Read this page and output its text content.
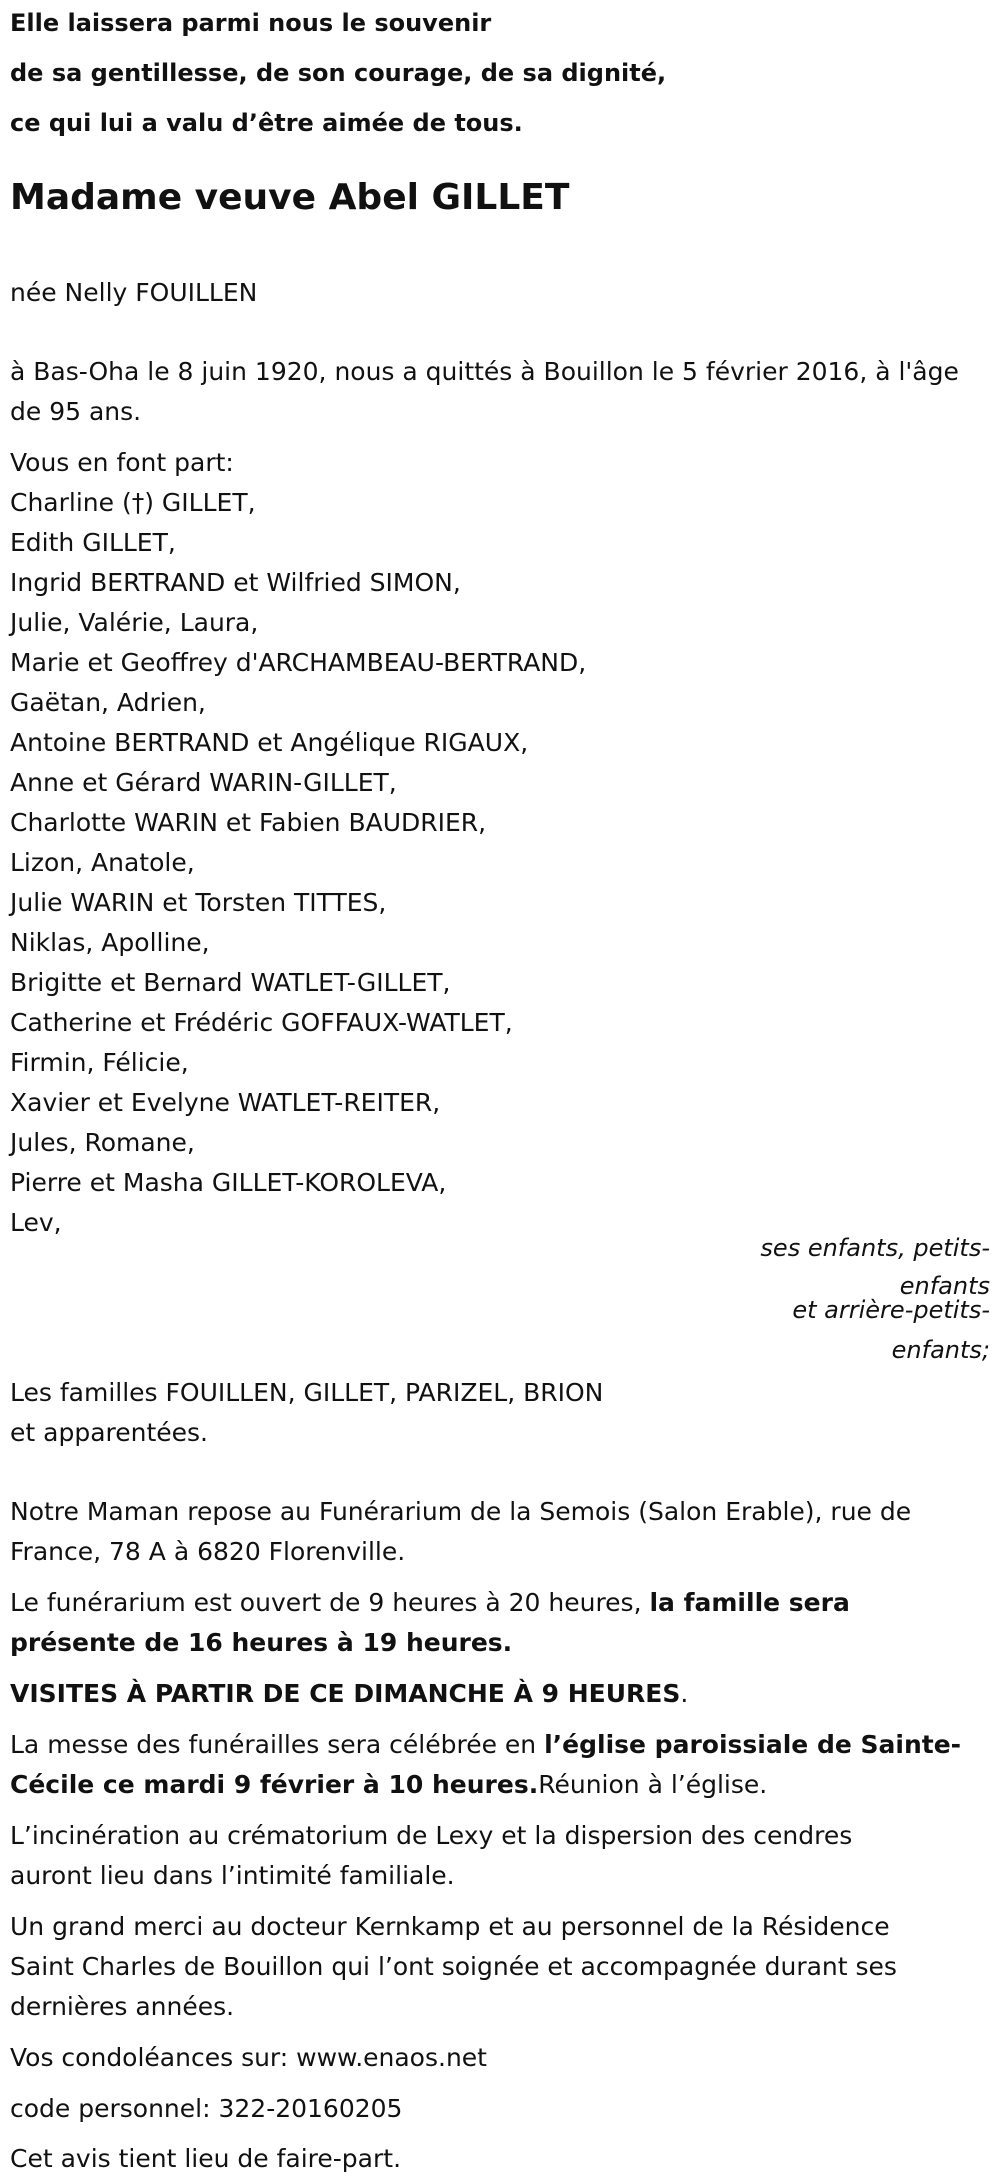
Elle laissera parmi nous le souvenir
de sa gentillesse, de son courage, de sa dignité,
ce qui lui a valu d’être aimée de tous.
Madame veuve Abel GILLET
née Nelly FOUILLEN
à Bas-Oha le 8 juin 1920, nous a quittés à Bouillon le 5 février 2016, à l'âge
de 95 ans.
Vous en font part:
Charline (†) GILLET,
Edith GILLET,
Ingrid BERTRAND et Wilfried SIMON,
Julie, Valérie, Laura,
Marie et Geoffrey d'ARCHAMBEAU-BERTRAND,
Gaëtan, Adrien,
Antoine BERTRAND et Angélique RIGAUX,
Anne et Gérard WARIN-GILLET,
Charlotte WARIN et Fabien BAUDRIER,
Lizon, Anatole,
Julie WARIN et Torsten TITTES,
Niklas, Apolline,
Brigitte et Bernard WATLET-GILLET,
Catherine et Frédéric GOFFAUX-WATLET,
Firmin, Félicie,
Xavier et Evelyne WATLET-REITER,
Jules, Romane,
Pierre et Masha GILLET-KOROLEVA,
Lev,
ses enfants, petits-
enfants
et arrière-petits-
enfants;
Les familles FOUILLEN, GILLET, PARIZEL, BRION
et apparentées.
Notre Maman repose au Funérarium de la Semois (Salon Erable), rue de
France, 78 A à 6820 Florenville.
Le funérarium est ouvert de 9 heures à 20 heures, la famille sera
présente de 16 heures à 19 heures.
VISITES À PARTIR DE CE DIMANCHE À 9 HEURES.
La messe des funérailles sera célébrée en l’église paroissiale de Sainte-
Cécile ce mardi 9 février à 10 heures.Réunion à l’église.
L’incinération au crématorium de Lexy et la dispersion des cendres
auront lieu dans l’intimité familiale.
Un grand merci au docteur Kernkamp et au personnel de la Résidence
Saint Charles de Bouillon qui l’ont soignée et accompagnée durant ses
dernières années.
Vos condoléances sur: www.enaos.net
code personnel: 322-20160205
Cet avis tient lieu de faire-part.
